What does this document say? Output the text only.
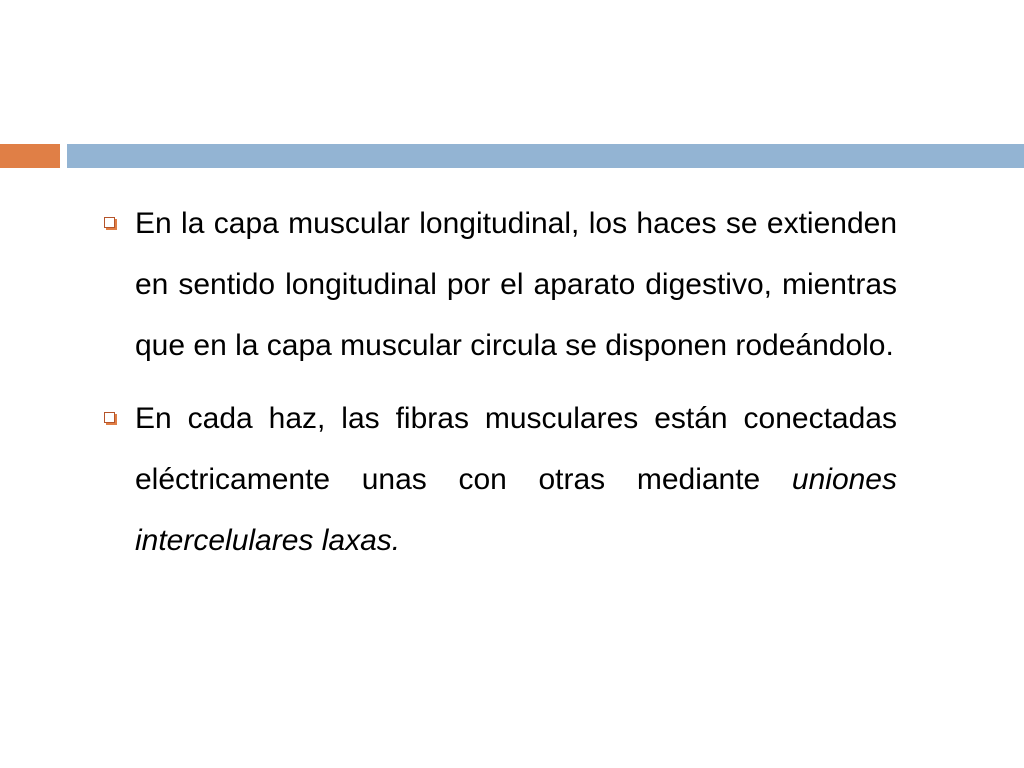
En la capa muscular longitudinal, los haces se extienden en sentido longitudinal por el aparato digestivo, mientras que en la capa muscular circula se disponen rodeándolo.
En cada haz, las fibras musculares están conectadas eléctricamente unas con otras mediante uniones intercelulares laxas.
